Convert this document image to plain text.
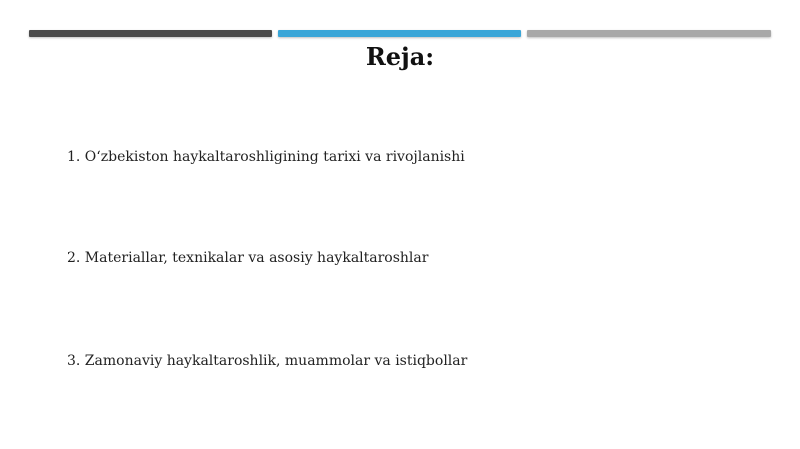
Reja:
1. O‘zbekiston haykaltaroshligining tarixi va rivojlanishi
2. Materiallar, texnikalar va asosiy haykaltaroshlar
3. Zamonaviy haykaltaroshlik, muammolar va istiqbollar
